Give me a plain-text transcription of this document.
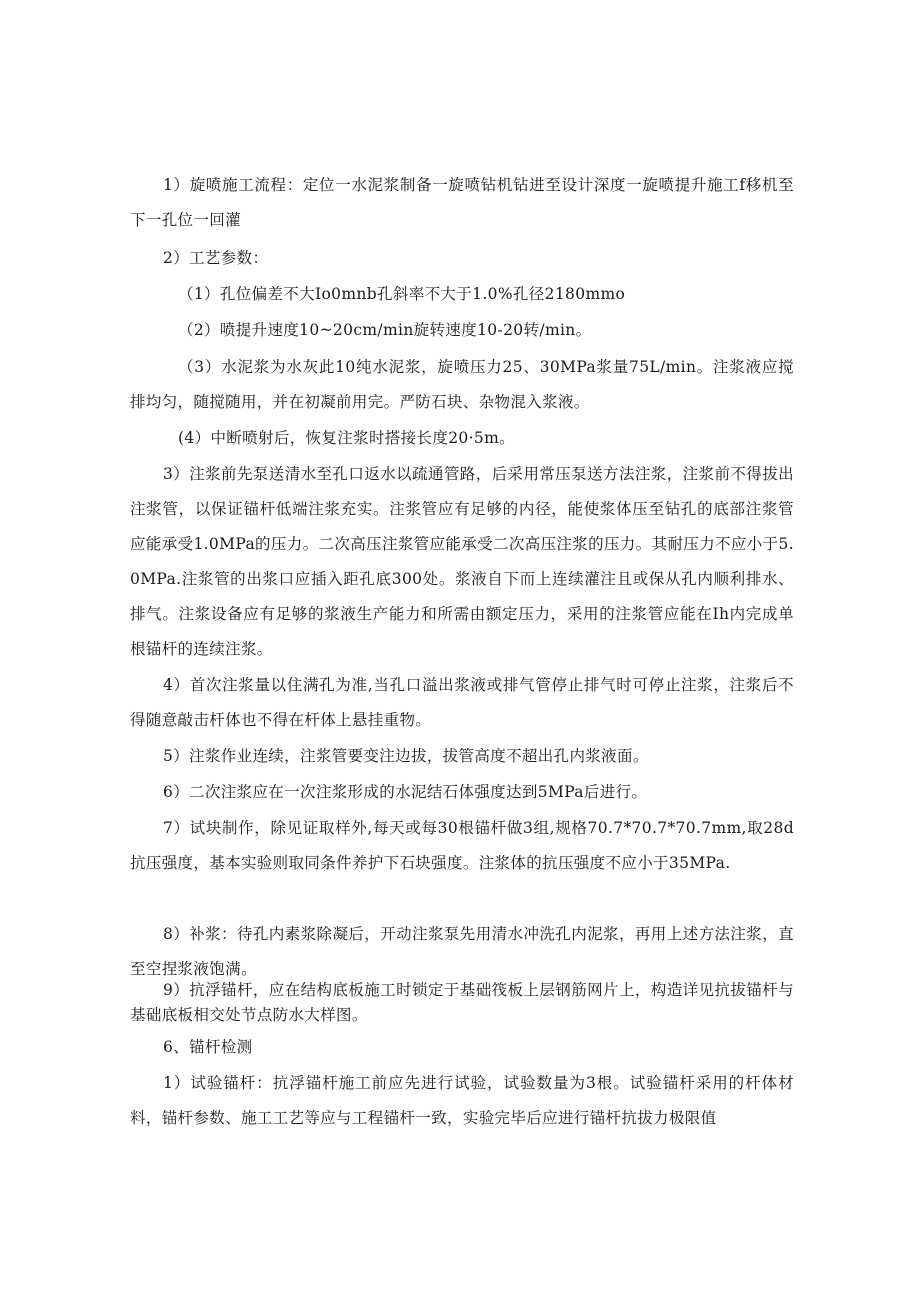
1）旋喷施工流程：定位一水泥浆制备一旋喷钻机钻进至设计深度一旋喷提升施工f移机至下一孔位一回灌

2）工艺参数：

（1）孔位偏差不大Io0mnb孔斜率不大于1.0%孔径2180mmo

（2）喷提升速度10~20cm/min旋转速度10-20转/min。

（3）水泥浆为水灰此10纯水泥浆，旋喷压力25、30MPa浆量75L/min。注浆液应搅排均匀，随搅随用，并在初凝前用完。严防石块、杂物混入浆液。

(4）中断喷射后，恢复注浆时搭接长度20·5m。

3）注浆前先泵送清水至孔口返水以疏通管路，后采用常压泵送方法注浆，注浆前不得拔出注浆管，以保证锚杆低端注浆充实。注浆管应有足够的内径，能使浆体压至钻孔的底部注浆管应能承受1.0MPa的压力。二次高压注浆管应能承受二次高压注浆的压力。其耐压力不应小于5.0MPa.注浆管的出浆口应插入距孔底300处。浆液自下而上连续灌注且或保从孔内顺利排水、排气。注浆设备应有足够的浆液生产能力和所需由额定压力，采用的注浆管应能在Ih内完成单根锚杆的连续注浆。

4）首次注浆量以住满孔为准,当孔口溢出浆液或排气管停止排气时可停止注浆，注浆后不得随意敲击杆体也不得在杆体上悬挂重物。

5）注浆作业连续，注浆管要变注边拔，拔管高度不超出孔内浆液面。

6）二次注浆应在一次注浆形成的水泥结石体强度达到5MPa后进行。

7）试块制作，除见证取样外,每天或每30根锚杆做3组,规格70.7*70.7*70.7mm,取28d抗压强度，基本实验则取同条件养护下石块强度。注浆体的抗压强度不应小于35MPa.

8）补浆：待孔内素浆除凝后，开动注浆泵先用清水冲洗孔内泥浆，再用上述方法注浆，直至空捏浆液饱满。

9）抗浮锚杆，应在结构底板施工时锁定于基础筏板上层钢筋网片上，构造详见抗拔锚杆与基础底板相交处节点防水大样图。

6、锚杆检测

1）试验锚杆：抗浮锚杆施工前应先进行试验，试验数量为3根。试验锚杆采用的杆体材料，锚杆参数、施工工艺等应与工程锚杆一致，实验完毕后应进行锚杆抗拔力极限值
